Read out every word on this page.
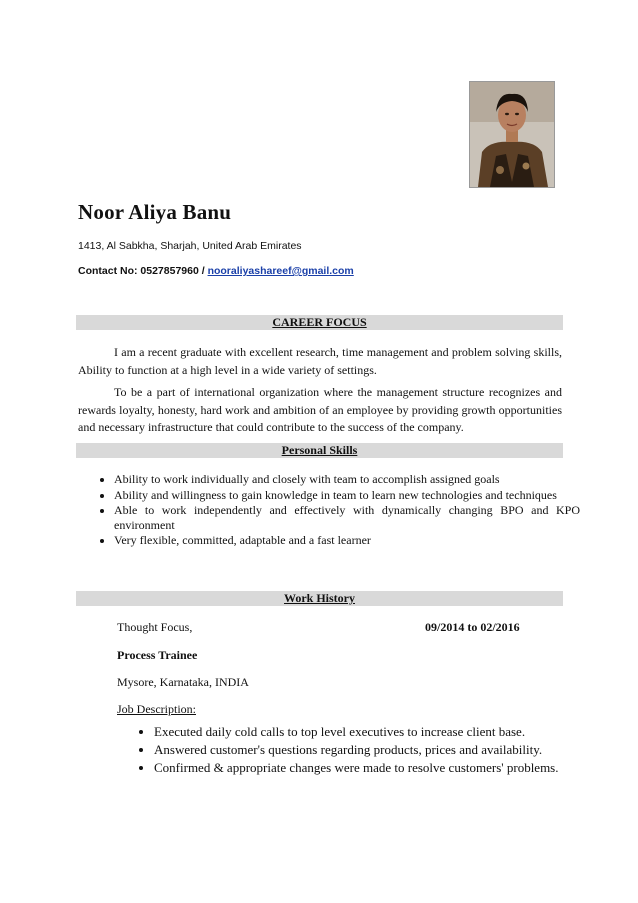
Noor Aliya Banu
1413, Al Sabkha, Sharjah, United Arab Emirates
Contact No: 0527857960 / nooraliyashareef@gmail.com
CAREER FOCUS

I am a recent graduate with excellent research, time management and problem solving skills, Ability to function at a high level in a wide variety of settings.

To be a part of international organization where the management structure recognizes and rewards loyalty, honesty, hard work and ambition of an employee by providing growth opportunities and necessary infrastructure that could contribute to the success of the company.

Personal Skills
• Ability to work individually and closely with team to accomplish assigned goals
• Ability and willingness to gain knowledge in team to learn new technologies and techniques
• Able to work independently and effectively with dynamically changing BPO and KPO environment
• Very flexible, committed, adaptable and a fast learner
Work History
Thought Focus,	09/2014 to 02/2016
Process Trainee
Mysore, Karnataka, INDIA
Job Description:
• Executed daily cold calls to top level executives to increase client base.
• Answered customer's questions regarding products, prices and availability.
• Confirmed & appropriate changes were made to resolve customers' problems.
